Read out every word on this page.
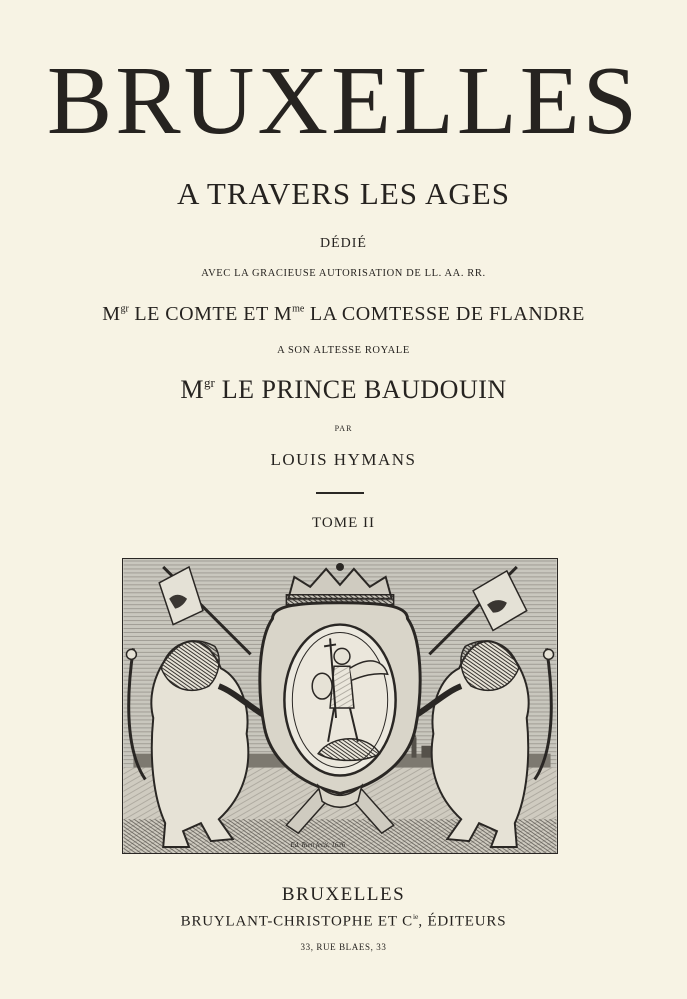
BRUXELLES
A TRAVERS LES AGES
DÉDIÉ
AVEC LA GRACIEUSE AUTORISATION DE LL. AA. RR.
$M^{gr}$ LE COMTE ET $M^{me}$ LA COMTESSE DE FLANDRE
A SON ALTESSE ROYALE
$M^{gr}$ LE PRINCE BAUDOUIN
PAR
LOUIS HYMANS
TOME II
Ed. Rien fecit, 1626
BRUXELLES
BRUYLANT-CHRISTOPHE ET $C^{ie}$, ÉDITEURS
33, RUE BLAES, 33
